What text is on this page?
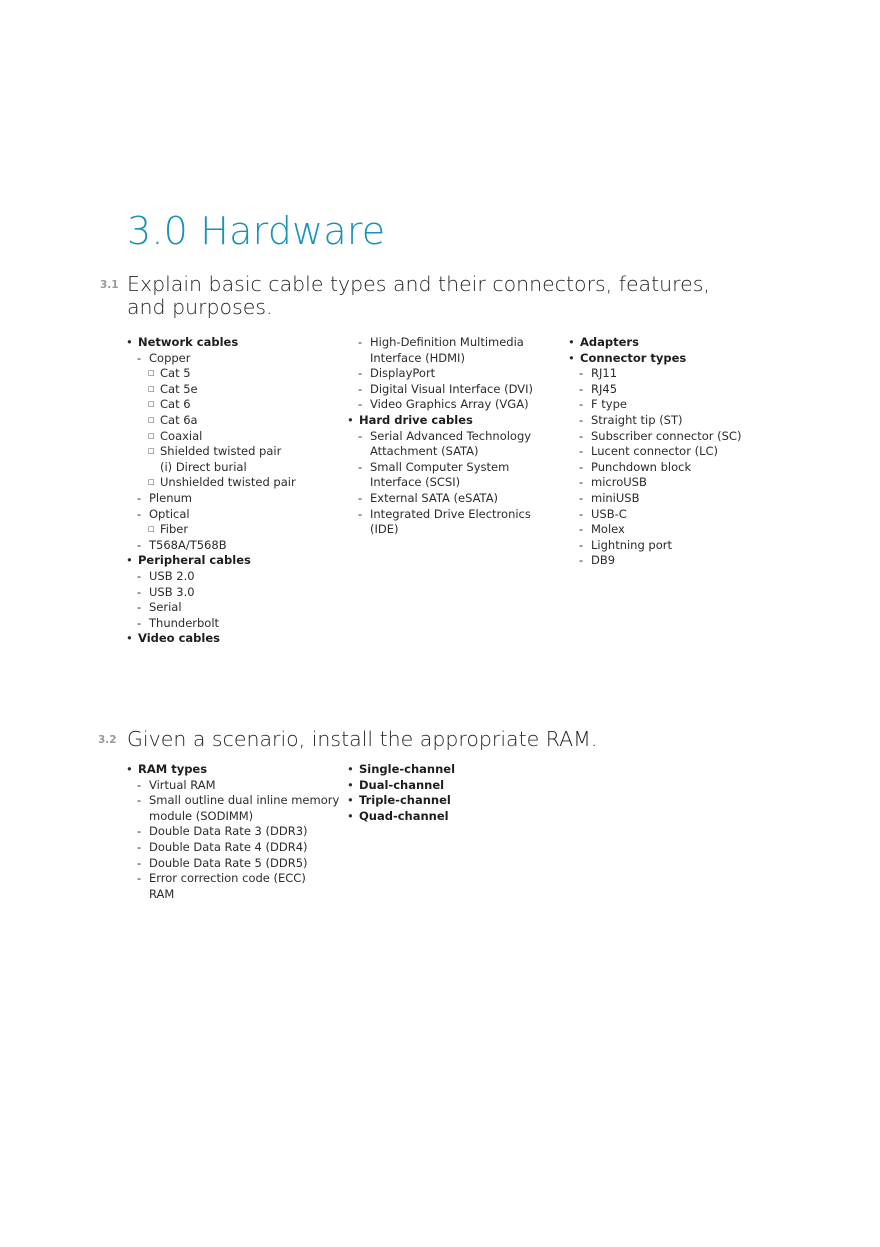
3.0 Hardware
3.1 Explain basic cable types and their connectors, features,
and purposes.
• Network cables
- Copper
□ Cat 5
□ Cat 5e
□ Cat 6
□ Cat 6a
□ Coaxial
□ Shielded twisted pair
(i) Direct burial
□ Unshielded twisted pair
- Plenum
- Optical
□ Fiber
- T568A/T568B
• Peripheral cables
- USB 2.0
- USB 3.0
- Serial
- Thunderbolt
• Video cables
- High-Definition Multimedia
Interface (HDMI)
- DisplayPort
- Digital Visual Interface (DVI)
- Video Graphics Array (VGA)
• Hard drive cables
- Serial Advanced Technology
Attachment (SATA)
- Small Computer System
Interface (SCSI)
- External SATA (eSATA)
- Integrated Drive Electronics
(IDE)
• Adapters
• Connector types
- RJ11
- RJ45
- F type
- Straight tip (ST)
- Subscriber connector (SC)
- Lucent connector (LC)
- Punchdown block
- microUSB
- miniUSB
- USB-C
- Molex
- Lightning port
- DB9
3.2 Given a scenario, install the appropriate RAM.
• RAM types
- Virtual RAM
- Small outline dual inline memory
module (SODIMM)
- Double Data Rate 3 (DDR3)
- Double Data Rate 4 (DDR4)
- Double Data Rate 5 (DDR5)
- Error correction code (ECC)
RAM
• Single-channel
• Dual-channel
• Triple-channel
• Quad-channel
